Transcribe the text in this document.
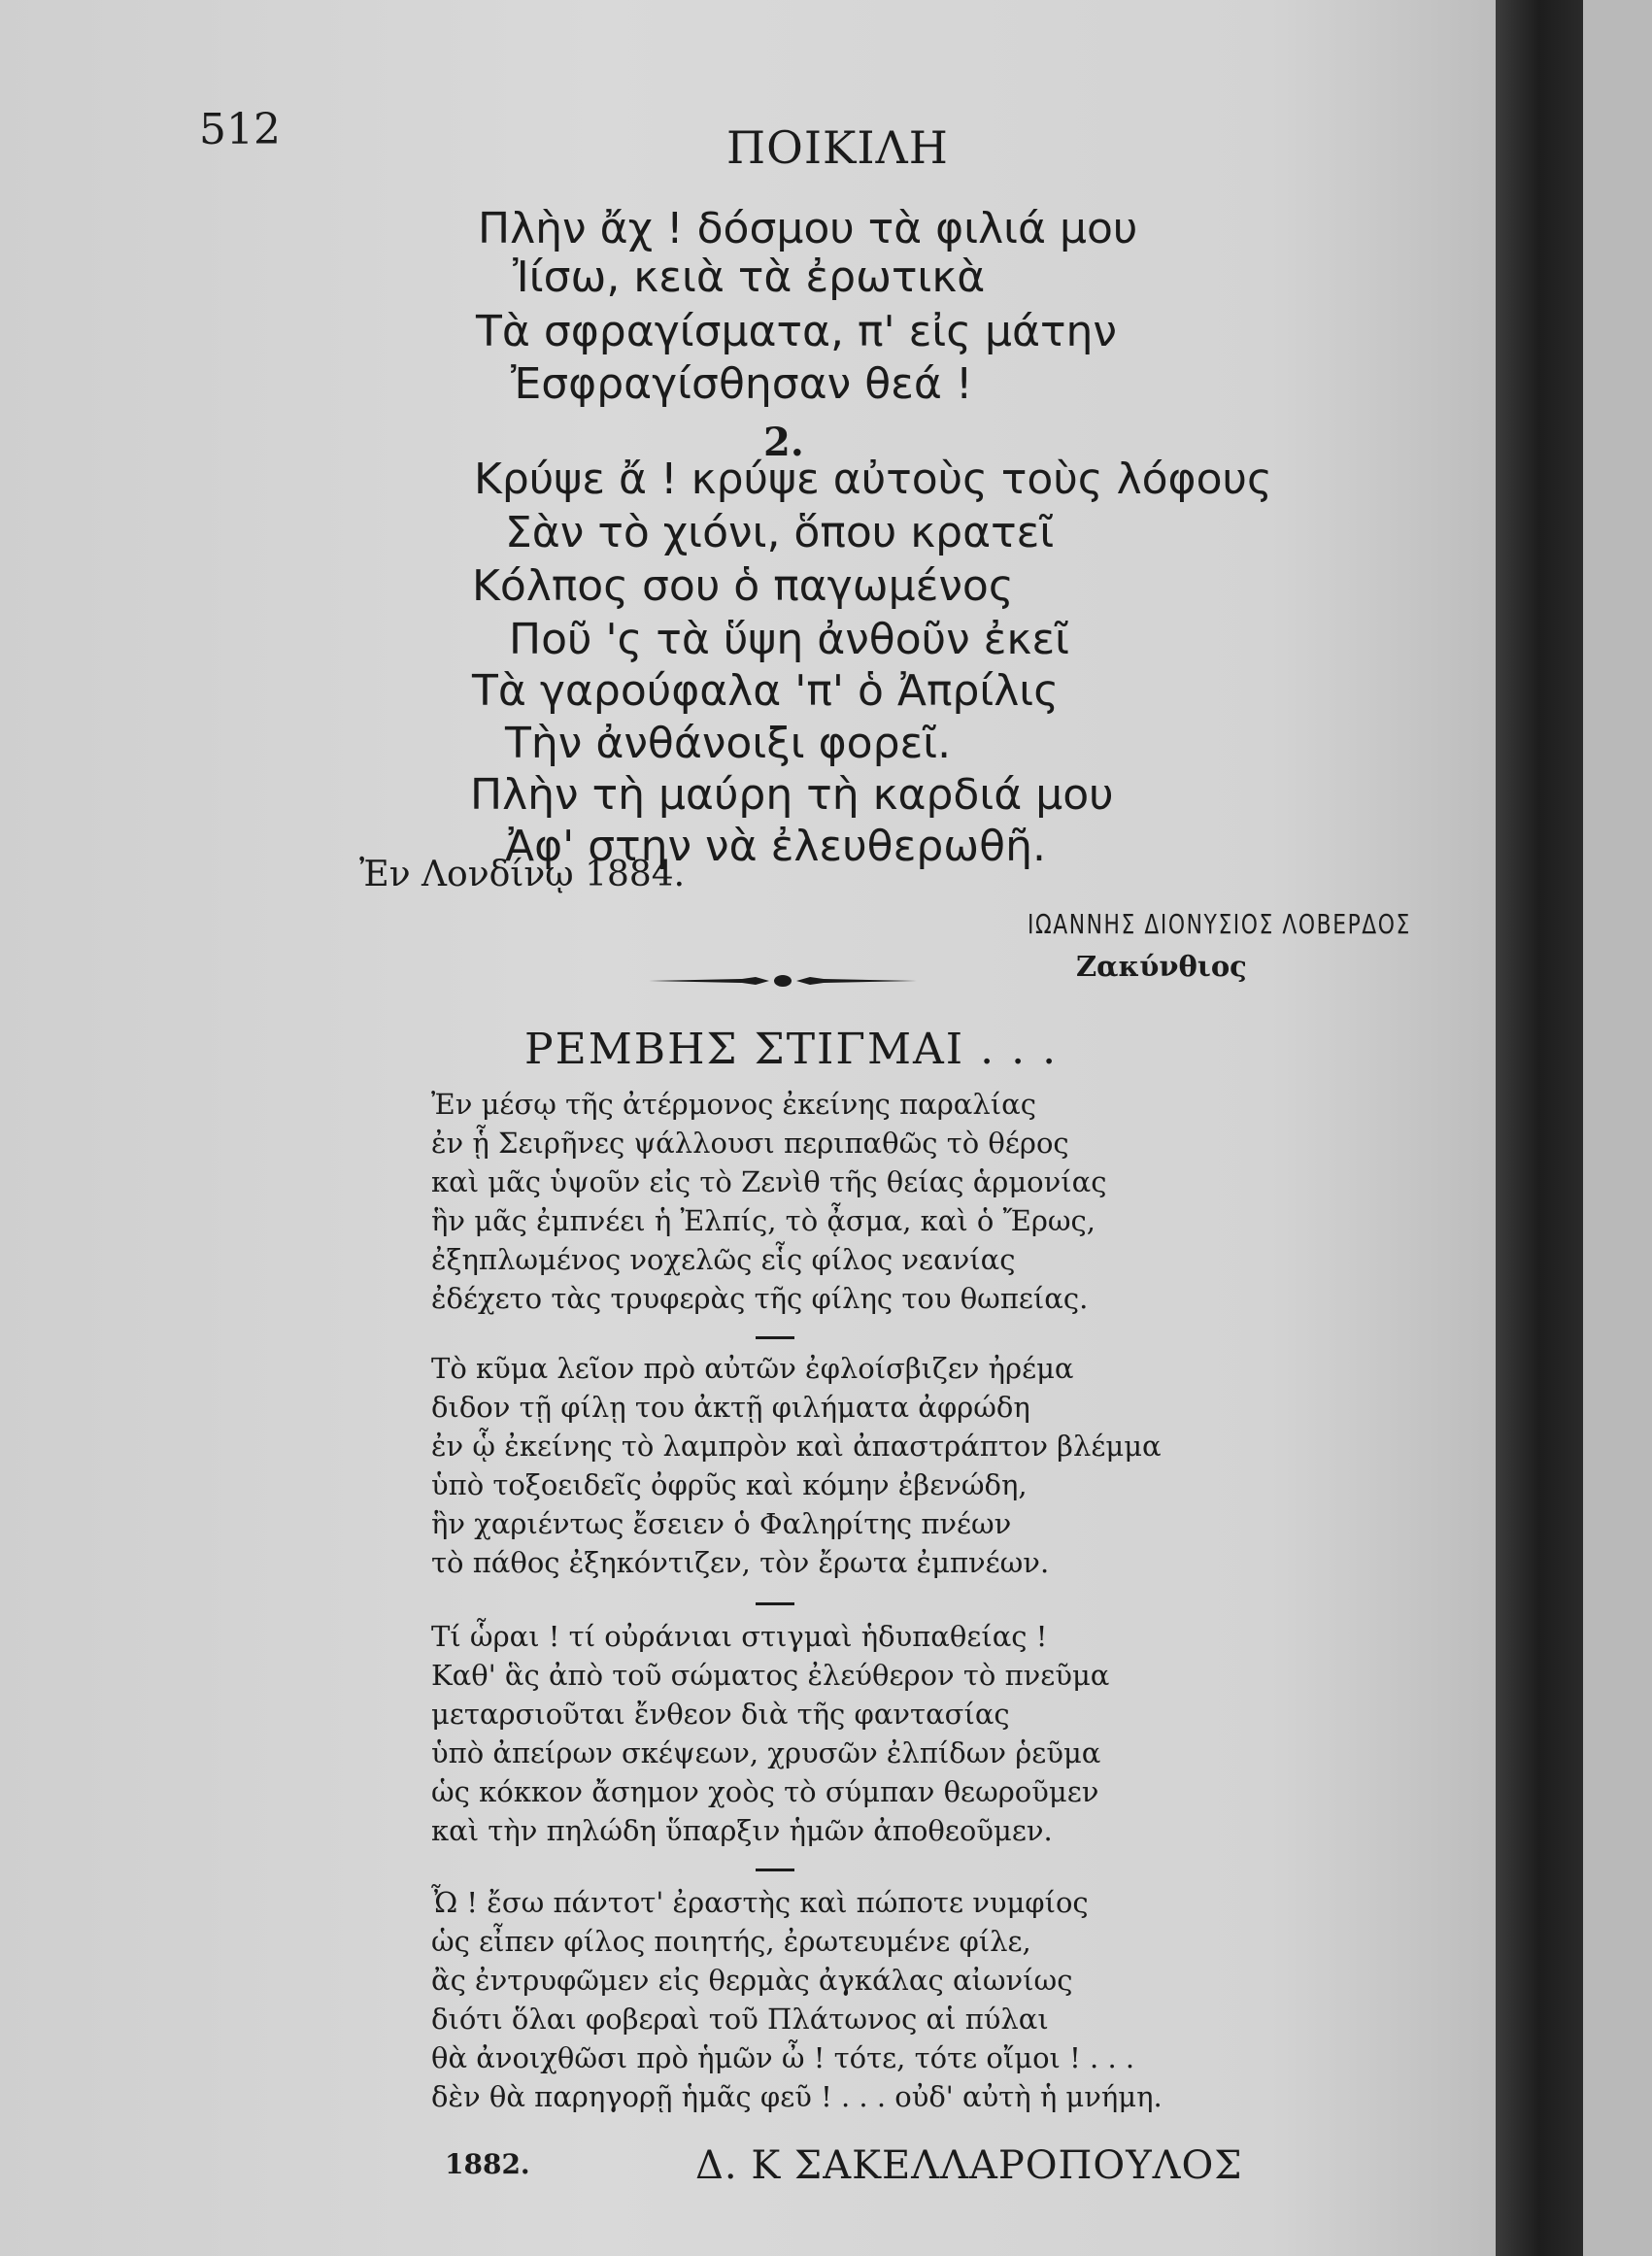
512	ΠΟΙΚΙΛΗ
Πλὴν ἄχ ! δόσμου τὰ φιλιά μου
Ἰίσω, κειὰ τὰ ἐρωτικὰ
Τὰ σφραγίσματα, π' εἰς μάτην
Ἐσφραγίσθησαν θεά !
2.
Κρύψε ἄ ! κρύψε αὐτοὺς τοὺς λόφους
Σὰν τὸ χιόνι, ὅπου κρατεῖ
Κόλπος σου ὁ παγωμένος
Ποῦ 'ς τὰ ὕψη ἀνθοῦν ἐκεῖ
Τὰ γαρούφαλα 'π' ὁ Ἀπρίλις
Τὴν ἀνθάνοιξι φορεῖ.
Πλὴν τὴ μαύρη τὴ καρδιά μου
Ἀφ' στην νὰ ἐλευθερωθῆ.
Ἐν Λονδίνῳ 1884.
ΙΩΑΝΝΗΣ ΔΙΟΝΥΣΙΟΣ ΛΟΒΕΡΔΟΣ
Ζακύνθιος
ΡΕΜΒΗΣ ΣΤΙΓΜΑΙ . . .
Ἐν μέσῳ τῆς ἀτέρμονος ἐκείνης παραλίας
ἐν ᾗ Σειρῆνες ψάλλουσι περιπαθῶς τὸ θέρος
καὶ μᾶς ὑψοῦν εἰς τὸ Ζενὶθ τῆς θείας ἁρμονίας
ἣν μᾶς ἐμπνέει ἡ Ἐλπίς, τὸ ᾆσμα, καὶ ὁ Ἔρως,
ἐξηπλωμένος νοχελῶς εἷς φίλος νεανίας
ἐδέχετο τὰς τρυφερὰς τῆς φίλης του θωπείας.
Τὸ κῦμα λεῖον πρὸ αὐτῶν ἐφλοίσβιζεν ἠρέμα
διδον τῇ φίλῃ του ἀκτῇ φιλήματα ἀφρώδη
ἐν ᾧ ἐκείνης τὸ λαμπρὸν καὶ ἀπαστράπτον βλέμμα
ὑπὸ τοξοειδεῖς ὀφρῦς καὶ κόμην ἐβενώδη,
ἣν χαριέντως ἔσειεν ὁ Φαληρίτης πνέων
τὸ πάθος ἐξηκόντιζεν, τὸν ἔρωτα ἐμπνέων.
Τί ὧραι ! τί οὐράνιαι στιγμαὶ ἡδυπαθείας !
Καθ' ἃς ἀπὸ τοῦ σώματος ἐλεύθερον τὸ πνεῦμα
μεταρσιοῦται ἔνθεον διὰ τῆς φαντασίας
ὑπὸ ἀπείρων σκέψεων, χρυσῶν ἐλπίδων ῥεῦμα
ὡς κόκκον ἄσημον χοὸς τὸ σύμπαν θεωροῦμεν
καὶ τὴν πηλώδη ὕπαρξιν ἡμῶν ἀποθεοῦμεν.
Ὦ ! ἔσω πάντοτ' ἐραστὴς καὶ πώποτε νυμφίος
ὡς εἶπεν φίλος ποιητής, ἐρωτευμένε φίλε,
ἂς ἐντρυφῶμεν εἰς θερμὰς ἀγκάλας αἰωνίως
διότι ὅλαι φοβεραὶ τοῦ Πλάτωνος αἱ πύλαι
θὰ ἀνοιχθῶσι πρὸ ἡμῶν ὦ ! τότε, τότε οἴμοι ! . . .
δὲν θὰ παρηγορῇ ἡμᾶς φεῦ ! . . . οὐδ' αὐτὴ ἡ μνήμη.
1882.	Δ. Κ ΣΑΚΕΛΛΑΡΟΠΟΥΛΟΣ
